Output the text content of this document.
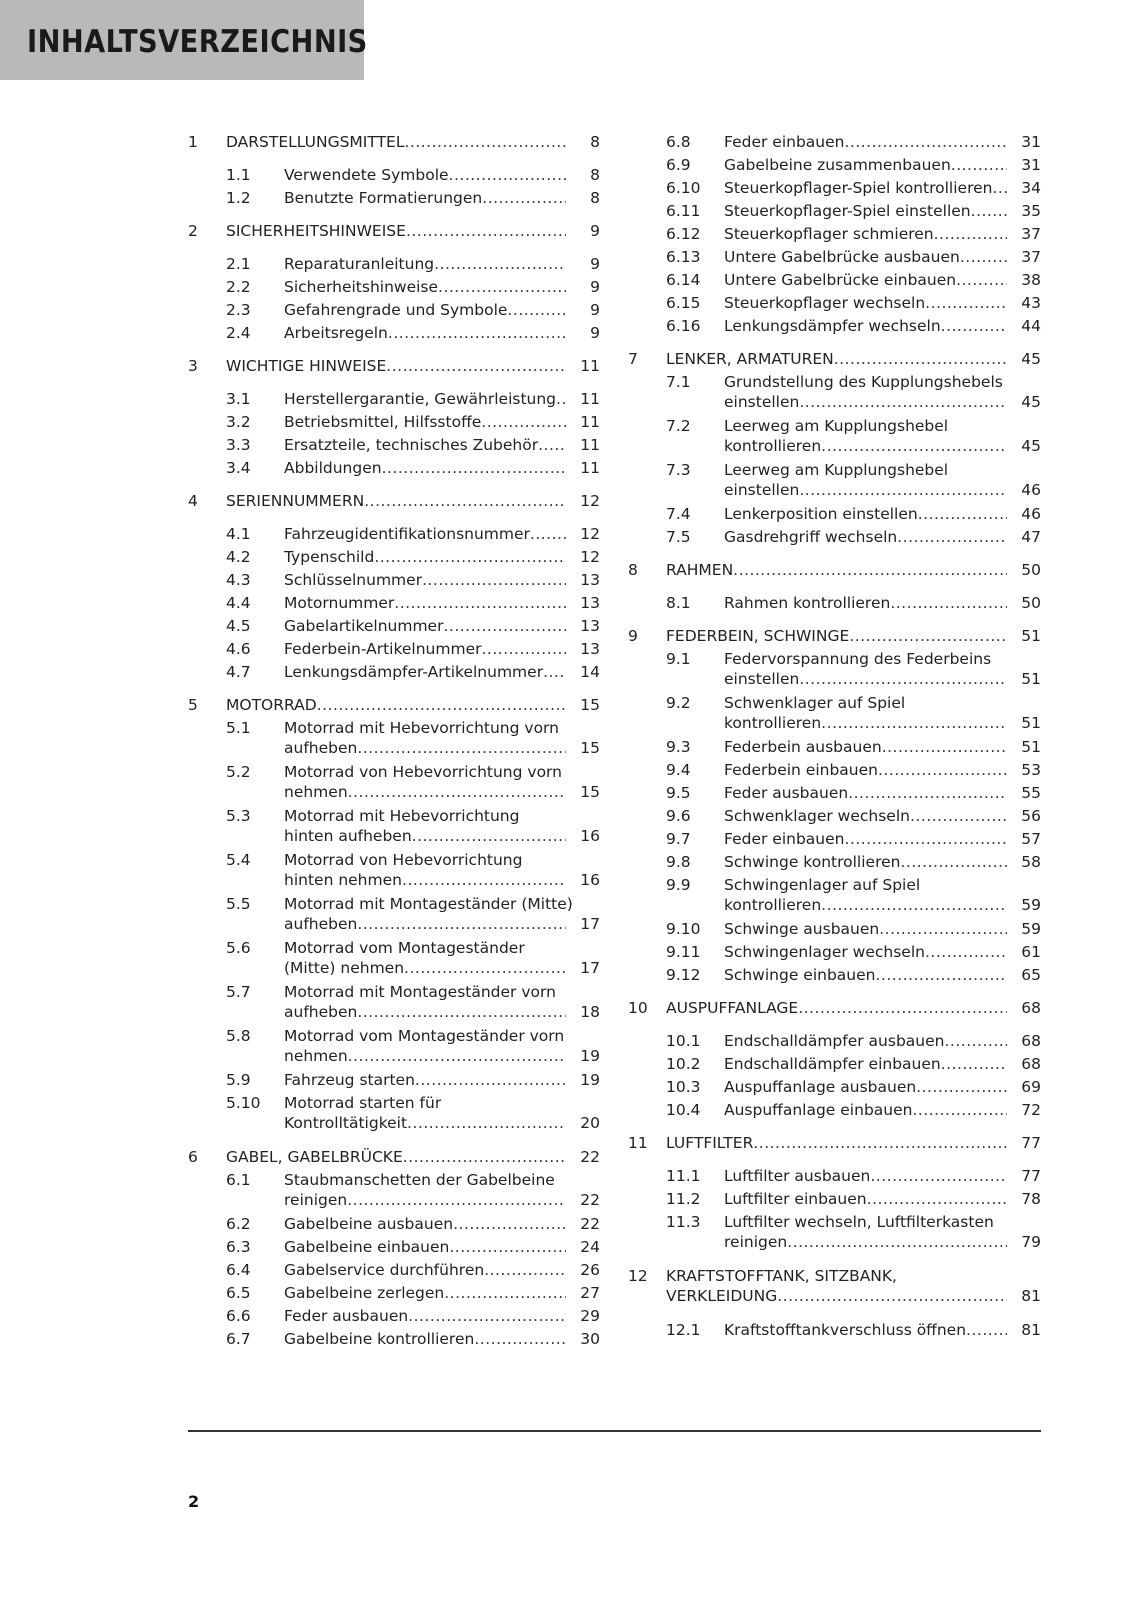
INHALTSVERZEICHNIS
1 DARSTELLUNGSMITTEL .....	8
1.1 Verwendete Symbole .....	8
1.2 Benutzte Formatierungen .....	8
2 SICHERHEITSHINWEISE .....	9
2.1 Reparaturanleitung .....	9
2.2 Sicherheitshinweise .....	9
2.3 Gefahrengrade und Symbole .....	9
2.4 Arbeitsregeln .....	9
3 WICHTIGE HINWEISE .....	11
3.1 Herstellergarantie, Gewährleistung .....	11
3.2 Betriebsmittel, Hilfsstoffe .....	11
3.3 Ersatzteile, technisches Zubehör .....	11
3.4 Abbildungen .....	11
4 SERIENNUMMERN .....	12
4.1 Fahrzeugidentifikationsnummer .....	12
4.2 Typenschild .....	12
4.3 Schlüsselnummer .....	13
4.4 Motornummer .....	13
4.5 Gabelartikelnummer .....	13
4.6 Federbein-Artikelnummer .....	13
4.7 Lenkungsdämpfer-Artikelnummer .....	14
5 MOTORRAD .....	15
5.1 Motorrad mit Hebevorrichtung vorn
aufheben .....	15
5.2 Motorrad von Hebevorrichtung vorn
nehmen .....	15
5.3 Motorrad mit Hebevorrichtung
hinten aufheben .....	16
5.4 Motorrad von Hebevorrichtung
hinten nehmen .....	16
5.5 Motorrad mit Montageständer (Mitte)
aufheben .....	17
5.6 Motorrad vom Montageständer
(Mitte) nehmen .....	17
5.7 Motorrad mit Montageständer vorn
aufheben .....	18
5.8 Motorrad vom Montageständer vorn
nehmen .....	19
5.9 Fahrzeug starten .....	19
5.10 Motorrad starten für
Kontrolltätigkeit .....	20
6 GABEL, GABELBRÜCKE .....	22
6.1 Staubmanschetten der Gabelbeine
reinigen .....	22
6.2 Gabelbeine ausbauen .....	22
6.3 Gabelbeine einbauen .....	24
6.4 Gabelservice durchführen .....	26
6.5 Gabelbeine zerlegen .....	27
6.6 Feder ausbauen .....	29
6.7 Gabelbeine kontrollieren .....	30
6.8 Feder einbauen .....	31
6.9 Gabelbeine zusammenbauen .....	31
6.10 Steuerkopflager-Spiel kontrollieren .....	34
6.11 Steuerkopflager-Spiel einstellen .....	35
6.12 Steuerkopflager schmieren .....	37
6.13 Untere Gabelbrücke ausbauen .....	37
6.14 Untere Gabelbrücke einbauen .....	38
6.15 Steuerkopflager wechseln .....	43
6.16 Lenkungsdämpfer wechseln .....	44
7 LENKER, ARMATUREN .....	45
7.1 Grundstellung des Kupplungshebels
einstellen .....	45
7.2 Leerweg am Kupplungshebel
kontrollieren .....	45
7.3 Leerweg am Kupplungshebel
einstellen .....	46
7.4 Lenkerposition einstellen .....	46
7.5 Gasdrehgriff wechseln .....	47
8 RAHMEN .....	50
8.1 Rahmen kontrollieren .....	50
9 FEDERBEIN, SCHWINGE .....	51
9.1 Federvorspannung des Federbeins
einstellen .....	51
9.2 Schwenklager auf Spiel
kontrollieren .....	51
9.3 Federbein ausbauen .....	51
9.4 Federbein einbauen .....	53
9.5 Feder ausbauen .....	55
9.6 Schwenklager wechseln .....	56
9.7 Feder einbauen .....	57
9.8 Schwinge kontrollieren .....	58
9.9 Schwingenlager auf Spiel
kontrollieren .....	59
9.10 Schwinge ausbauen .....	59
9.11 Schwingenlager wechseln .....	61
9.12 Schwinge einbauen .....	65
10 AUSPUFFANLAGE .....	68
10.1 Endschalldämpfer ausbauen .....	68
10.2 Endschalldämpfer einbauen .....	68
10.3 Auspuffanlage ausbauen .....	69
10.4 Auspuffanlage einbauen .....	72
11 LUFTFILTER .....	77
11.1 Luftfilter ausbauen .....	77
11.2 Luftfilter einbauen .....	78
11.3 Luftfilter wechseln, Luftfilterkasten
reinigen .....	79
12 KRAFTSTOFFTANK, SITZBANK,
VERKLEIDUNG .....	81
12.1 Kraftstofftankverschluss öffnen .....	81
2
